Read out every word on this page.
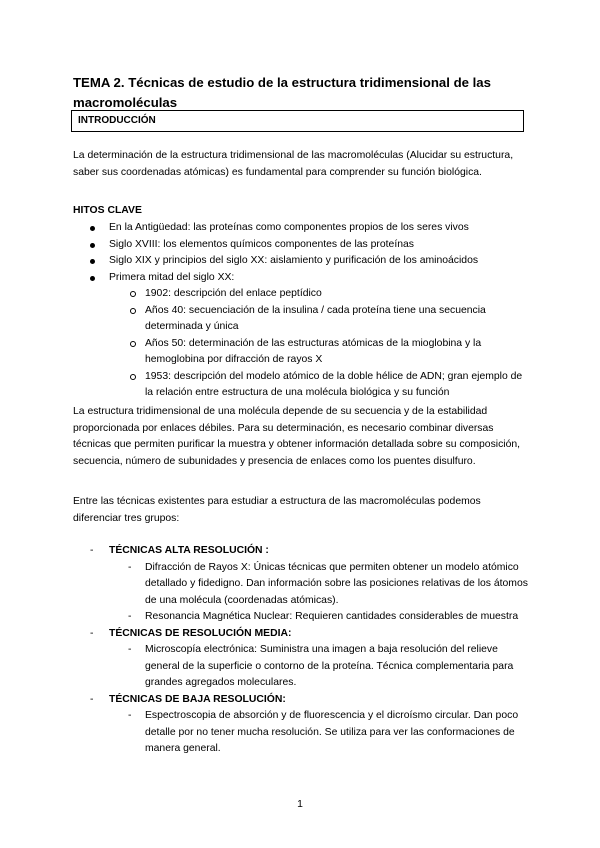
TEMA 2. Técnicas de estudio de la estructura tridimensional de las macromoléculas
INTRODUCCIÓN

La determinación de la estructura tridimensional de las macromoléculas (Alucidar su estructura, saber sus coordenadas atómicas) es fundamental para comprender su función biológica.

HITOS CLAVE

En la Antigüedad: las proteínas como componentes propios de los seres vivos
Siglo XVIII: los elementos químicos componentes de las proteínas
Siglo XIX y principios del siglo XX: aislamiento y purificación de los aminoácidos
Primera mitad del siglo XX:
1902: descripción del enlace peptídico
Años 40: secuenciación de la insulina / cada proteína tiene una secuencia determinada y única
Años 50: determinación de las estructuras atómicas de la mioglobina y la hemoglobina por difracción de rayos X
1953: descripción del modelo atómico de la doble hélice de ADN; gran ejemplo de la relación entre estructura de una molécula biológica y su función

La estructura tridimensional de una molécula depende de su secuencia y de la estabilidad proporcionada por enlaces débiles. Para su determinación, es necesario combinar diversas técnicas que permiten purificar la muestra y obtener información detallada sobre su composición, secuencia, número de subunidades y presencia de enlaces como los puentes disulfuro.

Entre las técnicas existentes para estudiar a estructura de las macromoléculas podemos diferenciar tres grupos:

- TÉCNICAS ALTA RESOLUCIÓN :
- Difracción de Rayos X: Únicas técnicas que permiten obtener un modelo atómico detallado y fidedigno. Dan información sobre las posiciones relativas de los átomos de una molécula (coordenadas atómicas).
- Resonancia Magnética Nuclear: Requieren cantidades considerables de muestra
- TÉCNICAS DE RESOLUCIÓN MEDIA:
- Microscopía electrónica: Suministra una imagen a baja resolución del relieve general de la superficie o contorno de la proteína. Técnica complementaria para grandes agregados moleculares.
- TÉCNICAS DE BAJA RESOLUCIÓN:
- Espectroscopia de absorción y de fluorescencia y el dicroísmo circular. Dan poco detalle por no tener mucha resolución. Se utiliza para ver las conformaciones de manera general.
1
